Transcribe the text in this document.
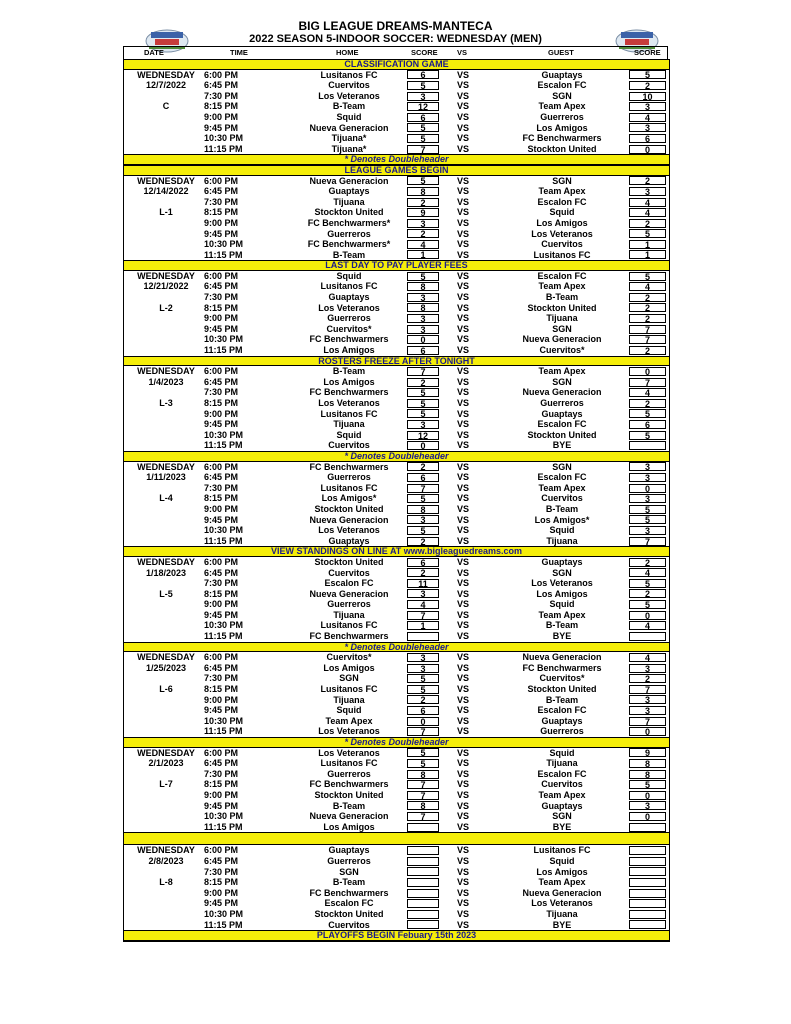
BIG LEAGUE DREAMS-MANTECA
2022 SEASON 5-INDOOR SOCCER: WEDNESDAY (MEN)
DATE	TIME	HOME	SCORE	VS	GUEST	SCORE
CLASSIFICATION GAME
WEDNESDAY	6:00 PM	Lusitanos FC	6	VS	Guaptays	5
12/7/2022	6:45 PM	Cuervitos	5	VS	Escalon FC	2
7:30 PM	Los Veteranos	3	VS	SGN	10
C	8:15 PM	B-Team	12	VS	Team Apex	3
9:00 PM	Squid	6	VS	Guerreros	4
9:45 PM	Nueva Generacion	5	VS	Los Amigos	3
10:30 PM	Tijuana*	5	VS	FC Benchwarmers	6
11:15 PM	Tijuana*	7	VS	Stockton United	0
* Denotes Doubleheader
LEAGUE GAMES BEGIN
WEDNESDAY	6:00 PM	Nueva Generacion	5	VS	SGN	2
12/14/2022	6:45 PM	Guaptays	8	VS	Team Apex	3
7:30 PM	Tijuana	2	VS	Escalon FC	4
L-1	8:15 PM	Stockton United	9	VS	Squid	4
9:00 PM	FC Benchwarmers*	3	VS	Los Amigos	2
9:45 PM	Guerreros	2	VS	Los Veteranos	5
10:30 PM	FC Benchwarmers*	4	VS	Cuervitos	1
11:15 PM	B-Team	1	VS	Lusitanos FC	1
LAST DAY TO PAY PLAYER FEES
WEDNESDAY	6:00 PM	Squid	5	VS	Escalon FC	5
12/21/2022	6:45 PM	Lusitanos FC	8	VS	Team Apex	4
7:30 PM	Guaptays	3	VS	B-Team	2
L-2	8:15 PM	Los Veteranos	8	VS	Stockton United	2
9:00 PM	Guerreros	3	VS	Tijuana	2
9:45 PM	Cuervitos*	3	VS	SGN	7
10:30 PM	FC Benchwarmers	0	VS	Nueva Generacion	7
11:15 PM	Los Amigos	6	VS	Cuervitos*	2
ROSTERS FREEZE AFTER TONIGHT
WEDNESDAY	6:00 PM	B-Team	7	VS	Team Apex	0
1/4/2023	6:45 PM	Los Amigos	2	VS	SGN	7
7:30 PM	FC Benchwarmers	5	VS	Nueva Generacion	4
L-3	8:15 PM	Los Veteranos	5	VS	Guerreros	2
9:00 PM	Lusitanos FC	5	VS	Guaptays	5
9:45 PM	Tijuana	3	VS	Escalon FC	6
10:30 PM	Squid	12	VS	Stockton United	5
11:15 PM	Cuervitos	0	VS	BYE
* Denotes Doubleheader
WEDNESDAY	6:00 PM	FC Benchwarmers	2	VS	SGN	3
1/11/2023	6:45 PM	Guerreros	6	VS	Escalon FC	3
7:30 PM	Lusitanos FC	7	VS	Team Apex	0
L-4	8:15 PM	Los Amigos*	5	VS	Cuervitos	3
9:00 PM	Stockton United	8	VS	B-Team	5
9:45 PM	Nueva Generacion	3	VS	Los Amigos*	5
10:30 PM	Los Veteranos	5	VS	Squid	3
11:15 PM	Guaptays	2	VS	Tijuana	7
VIEW STANDINGS ON LINE AT www.bigleaguedreams.com
WEDNESDAY	6:00 PM	Stockton United	6	VS	Guaptays	2
1/18/2023	6:45 PM	Cuervitos	2	VS	SGN	4
7:30 PM	Escalon FC	11	VS	Los Veteranos	5
L-5	8:15 PM	Nueva Generacion	3	VS	Los Amigos	2
9:00 PM	Guerreros	4	VS	Squid	5
9:45 PM	Tijuana	7	VS	Team Apex	0
10:30 PM	Lusitanos FC	1	VS	B-Team	4
11:15 PM	FC Benchwarmers	VS	BYE
* Denotes Doubleheader
WEDNESDAY	6:00 PM	Cuervitos*	3	VS	Nueva Generacion	4
1/25/2023	6:45 PM	Los Amigos	3	VS	FC Benchwarmers	3
7:30 PM	SGN	5	VS	Cuervitos*	2
L-6	8:15 PM	Lusitanos FC	5	VS	Stockton United	7
9:00 PM	Tijuana	2	VS	B-Team	3
9:45 PM	Squid	6	VS	Escalon FC	3
10:30 PM	Team Apex	0	VS	Guaptays	7
11:15 PM	Los Veteranos	7	VS	Guerreros	0
* Denotes Doubleheader
WEDNESDAY	6:00 PM	Los Veteranos	5	VS	Squid	9
2/1/2023	6:45 PM	Lusitanos FC	5	VS	Tijuana	8
7:30 PM	Guerreros	8	VS	Escalon FC	8
L-7	8:15 PM	FC Benchwarmers	7	VS	Cuervitos	5
9:00 PM	Stockton United	7	VS	Team Apex	0
9:45 PM	B-Team	8	VS	Guaptays	3
10:30 PM	Nueva Generacion	7	VS	SGN	0
11:15 PM	Los Amigos	VS	BYE
WEDNESDAY	6:00 PM	Guaptays	VS	Lusitanos FC
2/8/2023	6:45 PM	Guerreros	VS	Squid
7:30 PM	SGN	VS	Los Amigos
L-8	8:15 PM	B-Team	VS	Team Apex
9:00 PM	FC Benchwarmers	VS	Nueva Generacion
9:45 PM	Escalon FC	VS	Los Veteranos
10:30 PM	Stockton United	VS	Tijuana
11:15 PM	Cuervitos	VS	BYE
PLAYOFFS BEGIN Febuary 15th 2023
